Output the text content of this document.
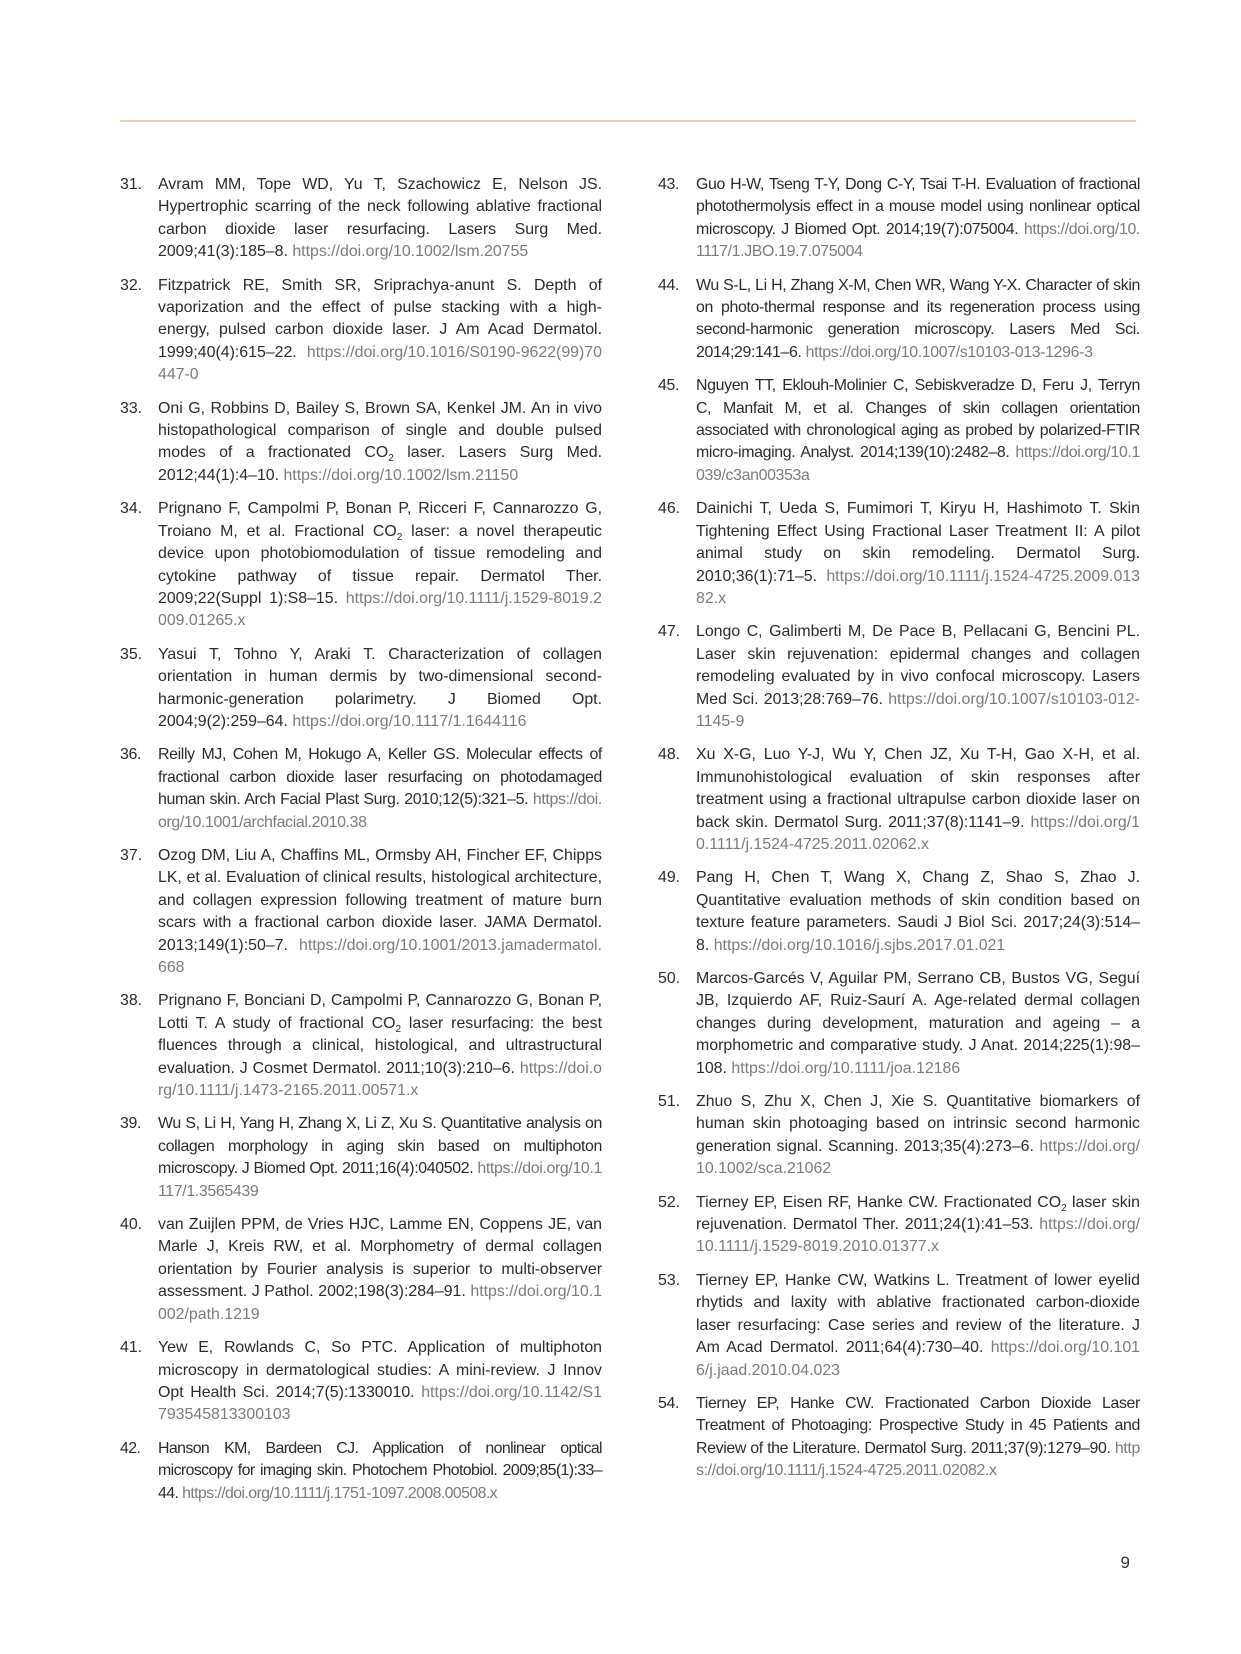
31.	Avram MM, Tope WD, Yu T, Szachowicz E, Nelson JS. Hypertrophic scarring of the neck following ablative fractional carbon dioxide laser resurfacing. Lasers Surg Med. 2009;41(3):185–8. https://doi.org/10.1002/lsm.20755
32.	Fitzpatrick RE, Smith SR, Sriprachya-anunt S. Depth of vaporization and the effect of pulse stacking with a high-energy, pulsed carbon dioxide laser. J Am Acad Dermatol. 1999;40(4):615–22. https://doi.org/10.1016/S0190-9622(99)70447-0
33.	Oni G, Robbins D, Bailey S, Brown SA, Kenkel JM. An in vivo histopathological comparison of single and double pulsed modes of a fractionated $CO_2$ laser. Lasers Surg Med. 2012;44(1):4–10. https://doi.org/10.1002/lsm.21150
34.	Prignano F, Campolmi P, Bonan P, Ricceri F, Cannarozzo G, Troiano M, et al. Fractional $CO_2$ laser: a novel therapeutic device upon photobiomodulation of tissue remodeling and cytokine pathway of tissue repair. Dermatol Ther. 2009;22(Suppl 1):S8–15. https://doi.org/10.1111/j.1529-8019.2009.01265.x
35.	Yasui T, Tohno Y, Araki T. Characterization of collagen orientation in human dermis by two-dimensional second-harmonic-generation polarimetry. J Biomed Opt. 2004;9(2):259–64. https://doi.org/10.1117/1.1644116
36.	Reilly MJ, Cohen M, Hokugo A, Keller GS. Molecular effects of fractional carbon dioxide laser resurfacing on photodamaged human skin. Arch Facial Plast Surg. 2010;12(5):321–5. https://doi.org/10.1001/archfacial.2010.38
37.	Ozog DM, Liu A, Chaffins ML, Ormsby AH, Fincher EF, Chipps LK, et al. Evaluation of clinical results, histological architecture, and collagen expression following treatment of mature burn scars with a fractional carbon dioxide laser. JAMA Dermatol. 2013;149(1):50–7. https://doi.org/10.1001/2013.jamadermatol.668
38.	Prignano F, Bonciani D, Campolmi P, Cannarozzo G, Bonan P, Lotti T. A study of fractional $CO_2$ laser resurfacing: the best fluences through a clinical, histological, and ultrastructural evaluation. J Cosmet Dermatol. 2011;10(3):210–6. https://doi.org/10.1111/j.1473-2165.2011.00571.x
39.	Wu S, Li H, Yang H, Zhang X, Li Z, Xu S. Quantitative analysis on collagen morphology in aging skin based on multiphoton microscopy. J Biomed Opt. 2011;16(4):040502. https://doi.org/10.1117/1.3565439
40.	van Zuijlen PPM, de Vries HJC, Lamme EN, Coppens JE, van Marle J, Kreis RW, et al. Morphometry of dermal collagen orientation by Fourier analysis is superior to multi-observer assessment. J Pathol. 2002;198(3):284–91. https://doi.org/10.1002/path.1219
41.	Yew E, Rowlands C, So PTC. Application of multiphoton microscopy in dermatological studies: A mini-review. J Innov Opt Health Sci. 2014;7(5):1330010. https://doi.org/10.1142/S1793545813300103
42.	Hanson KM, Bardeen CJ. Application of nonlinear optical microscopy for imaging skin. Photochem Photobiol. 2009;85(1):33–44. https://doi.org/10.1111/j.1751-1097.2008.00508.x
43.	Guo H-W, Tseng T-Y, Dong C-Y, Tsai T-H. Evaluation of fractional photothermolysis effect in a mouse model using nonlinear optical microscopy. J Biomed Opt. 2014;19(7):075004. https://doi.org/10.1117/1.JBO.19.7.075004
44.	Wu S-L, Li H, Zhang X-M, Chen WR, Wang Y-X. Character of skin on photo-thermal response and its regeneration process using second-harmonic generation microscopy. Lasers Med Sci. 2014;29:141–6. https://doi.org/10.1007/s10103-013-1296-3
45.	Nguyen TT, Eklouh-Molinier C, Sebiskveradze D, Feru J, Terryn C, Manfait M, et al. Changes of skin collagen orientation associated with chronological aging as probed by polarized-FTIR micro-imaging. Analyst. 2014;139(10):2482–8. https://doi.org/10.1039/c3an00353a
46.	Dainichi T, Ueda S, Fumimori T, Kiryu H, Hashimoto T. Skin Tightening Effect Using Fractional Laser Treatment II: A pilot animal study on skin remodeling. Dermatol Surg. 2010;36(1):71–5. https://doi.org/10.1111/j.1524-4725.2009.01382.x
47.	Longo C, Galimberti M, De Pace B, Pellacani G, Bencini PL. Laser skin rejuvenation: epidermal changes and collagen remodeling evaluated by in vivo confocal microscopy. Lasers Med Sci. 2013;28:769–76. https://doi.org/10.1007/s10103-012-1145-9
48.	Xu X-G, Luo Y-J, Wu Y, Chen JZ, Xu T-H, Gao X-H, et al. Immunohistological evaluation of skin responses after treatment using a fractional ultrapulse carbon dioxide laser on back skin. Dermatol Surg. 2011;37(8):1141–9. https://doi.org/10.1111/j.1524-4725.2011.02062.x
49.	Pang H, Chen T, Wang X, Chang Z, Shao S, Zhao J. Quantitative evaluation methods of skin condition based on texture feature parameters. Saudi J Biol Sci. 2017;24(3):514–8. https://doi.org/10.1016/j.sjbs.2017.01.021
50.	Marcos-Garcés V, Aguilar PM, Serrano CB, Bustos VG, Seguí JB, Izquierdo AF, Ruiz-Saurí A. Age-related dermal collagen changes during development, maturation and ageing – a morphometric and comparative study. J Anat. 2014;225(1):98–108. https://doi.org/10.1111/joa.12186
51.	Zhuo S, Zhu X, Chen J, Xie S. Quantitative biomarkers of human skin photoaging based on intrinsic second harmonic generation signal. Scanning. 2013;35(4):273–6. https://doi.org/10.1002/sca.21062
52.	Tierney EP, Eisen RF, Hanke CW. Fractionated $CO_2$ laser skin rejuvenation. Dermatol Ther. 2011;24(1):41–53. https://doi.org/10.1111/j.1529-8019.2010.01377.x
53.	Tierney EP, Hanke CW, Watkins L. Treatment of lower eyelid rhytids and laxity with ablative fractionated carbon-dioxide laser resurfacing: Case series and review of the literature. J Am Acad Dermatol. 2011;64(4):730–40. https://doi.org/10.1016/j.jaad.2010.04.023
54.	Tierney EP, Hanke CW. Fractionated Carbon Dioxide Laser Treatment of Photoaging: Prospective Study in 45 Patients and Review of the Literature. Dermatol Surg. 2011;37(9):1279–90. https://doi.org/10.1111/j.1524-4725.2011.02082.x
9
